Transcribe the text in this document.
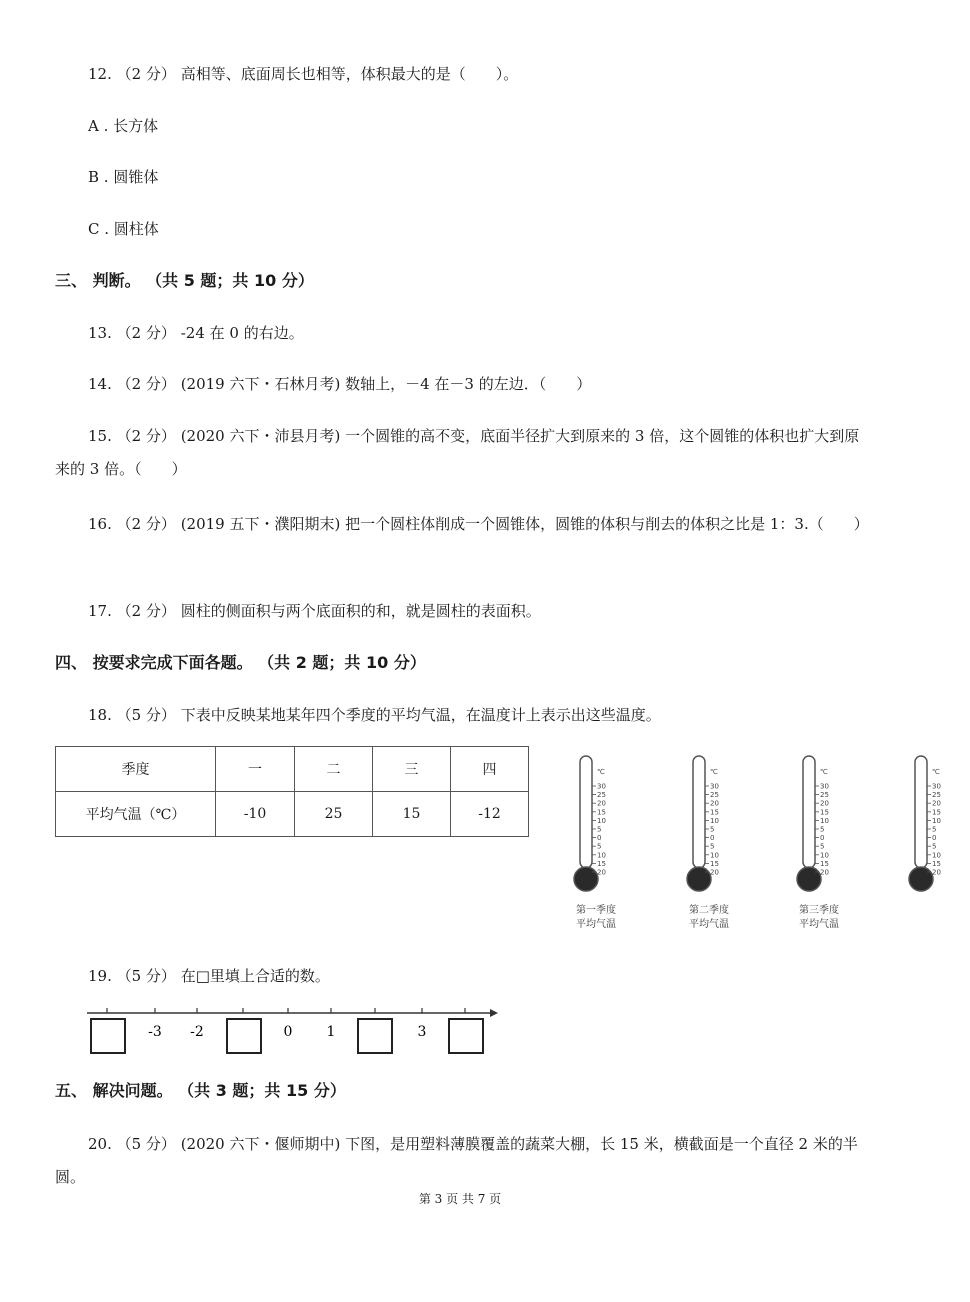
12. （2 分） 高相等、底面周长也相等，体积最大的是（　　）。
A . 长方体
B . 圆锥体
C . 圆柱体
三、 判断。 （共 5 题；共 10 分）
13. （2 分） -24 在 0 的右边。
14. （2 分） (2019 六下・石林月考) 数轴上，－4 在－3 的左边．（　　）
15. （2 分） (2020 六下・沛县月考) 一个圆锥的高不变，底面半径扩大到原来的 3 倍，这个圆锥的体积也扩大到原来的 3 倍。（　　）
16. （2 分） (2019 五下・濮阳期末) 把一个圆柱体削成一个圆锥体，圆锥的体积与削去的体积之比是 1：3.（　　）
17. （2 分） 圆柱的侧面积与两个底面积的和，就是圆柱的表面积。
四、 按要求完成下面各题。 （共 2 题；共 10 分）
18. （5 分） 下表中反映某地某年四个季度的平均气温，在温度计上表示出这些温度。
季度	一	二	三	四
平均气温（℃）	-10	25	15	-12
℃
30
25
20
15
10
5
0
5
10
15
20
第一季度
平均气温
℃
30
25
20
15
10
5
0
5
10
15
20
第二季度
平均气温
℃
30
25
20
15
10
5
0
5
10
15
20
第三季度
平均气温
℃
30
25
20
15
10
5
0
5
10
15
20
19. （5 分） 在□里填上合适的数。
-3 -2	0 1	3
五、 解决问题。 （共 3 题；共 15 分）
20. （5 分） (2020 六下・偃师期中) 下图，是用塑料薄膜覆盖的蔬菜大棚，长 15 米，横截面是一个直径 2 米的半圆。
第 3 页 共 7 页
